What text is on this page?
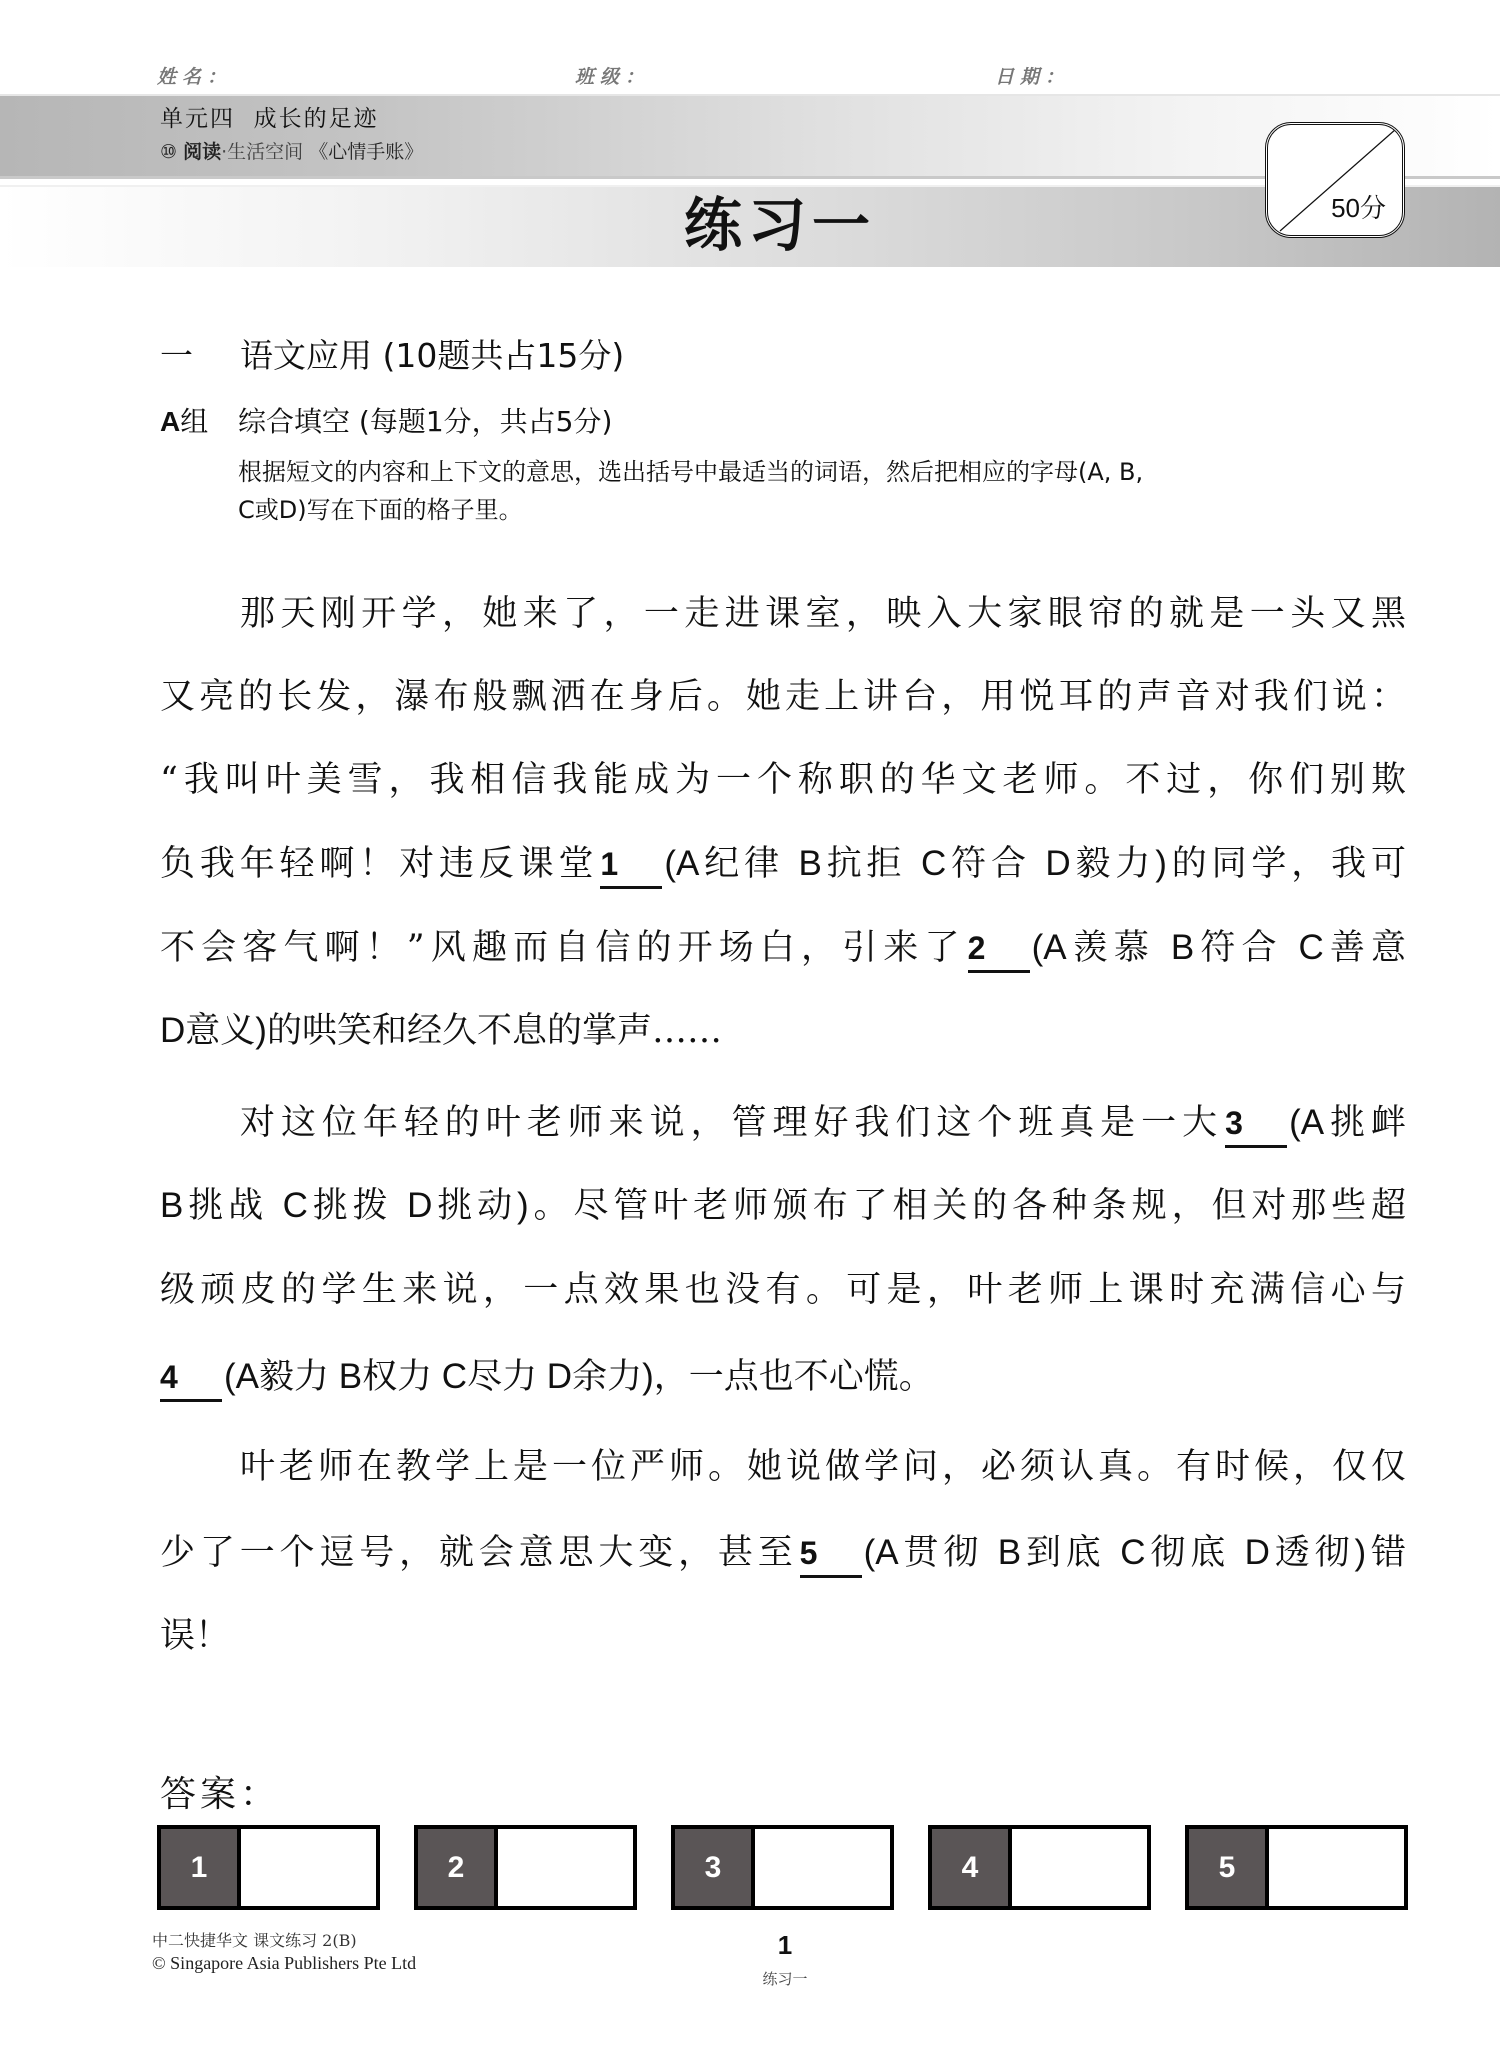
姓名：	班级：	日期：
单元四  成长的足迹
⑩ 阅读·生活空间 《心情手账》
练习一	50分
一 语文应用 (10题共占15分)
A组 综合填空 (每题1分，共占5分)
根据短文的内容和上下文的意思，选出括号中最适当的词语，然后把相应的字母(A, B,
C或D)写在下面的格子里。
那天刚开学，她来了，一走进课室，映入大家眼帘的就是一头又黑
又亮的长发，瀑布般飘洒在身后。她走上讲台，用悦耳的声音对我们说：
“我叫叶美雪，我相信我能成为一个称职的华文老师。不过，你们别欺
负我年轻啊！对违反课堂1 (A纪律 B抗拒 C符合 D毅力)的同学，我可
不会客气啊！”风趣而自信的开场白，引来了2 (A羡慕 B符合 C善意
D意义)的哄笑和经久不息的掌声……
对这位年轻的叶老师来说，管理好我们这个班真是一大3 (A挑衅
B挑战 C挑拨 D挑动)。尽管叶老师颁布了相关的各种条规，但对那些超
级顽皮的学生来说，一点效果也没有。可是，叶老师上课时充满信心与
4 (A毅力 B权力 C尽力 D余力)，一点也不心慌。
叶老师在教学上是一位严师。她说做学问，必须认真。有时候，仅仅
少了一个逗号，就会意思大变，甚至5 (A贯彻 B到底 C彻底 D透彻)错
误！
答案：
1	2	3	4	5
中二快捷华文 课文练习 2(B)
© Singapore Asia Publishers Pte Ltd
1
练习一
